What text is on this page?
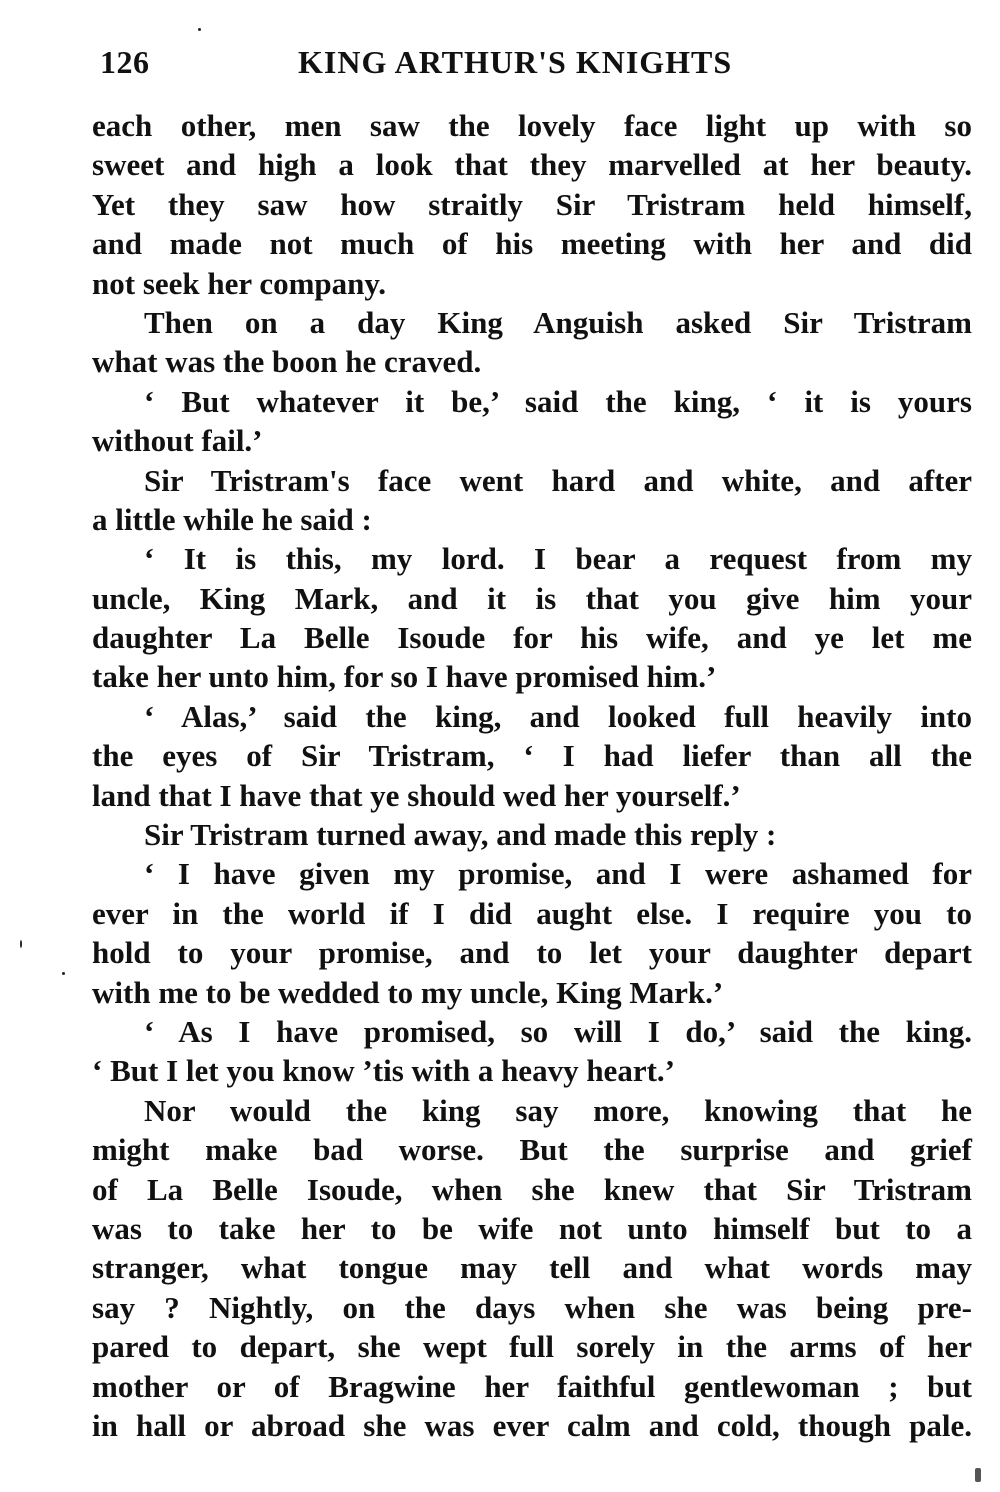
126	KING ARTHUR'S KNIGHTS
each other, men saw the lovely face light up with so
sweet and high a look that they marvelled at her beauty.
Yet they saw how straitly Sir Tristram held himself,
and made not much of his meeting with her and did
not seek her company.
Then on a day King Anguish asked Sir Tristram
what was the boon he craved.
‘ But whatever it be,’ said the king, ‘ it is yours
without fail.’
Sir Tristram's face went hard and white, and after
a little while he said :
‘ It is this, my lord. I bear a request from my
uncle, King Mark, and it is that you give him your
daughter La Belle Isoude for his wife, and ye let me
take her unto him, for so I have promised him.’
‘ Alas,’ said the king, and looked full heavily into
the eyes of Sir Tristram, ‘ I had liefer than all the
land that I have that ye should wed her yourself.’
Sir Tristram turned away, and made this reply :
‘ I have given my promise, and I were ashamed for
ever in the world if I did aught else. I require you to
hold to your promise, and to let your daughter depart
with me to be wedded to my uncle, King Mark.’
‘ As I have promised, so will I do,’ said the king.
‘ But I let you know ’tis with a heavy heart.’
Nor would the king say more, knowing that he
might make bad worse. But the surprise and grief
of La Belle Isoude, when she knew that Sir Tristram
was to take her to be wife not unto himself but to a
stranger, what tongue may tell and what words may
say ? Nightly, on the days when she was being pre-
pared to depart, she wept full sorely in the arms of her
mother or of Bragwine her faithful gentlewoman ; but
in hall or abroad she was ever calm and cold, though pale.
